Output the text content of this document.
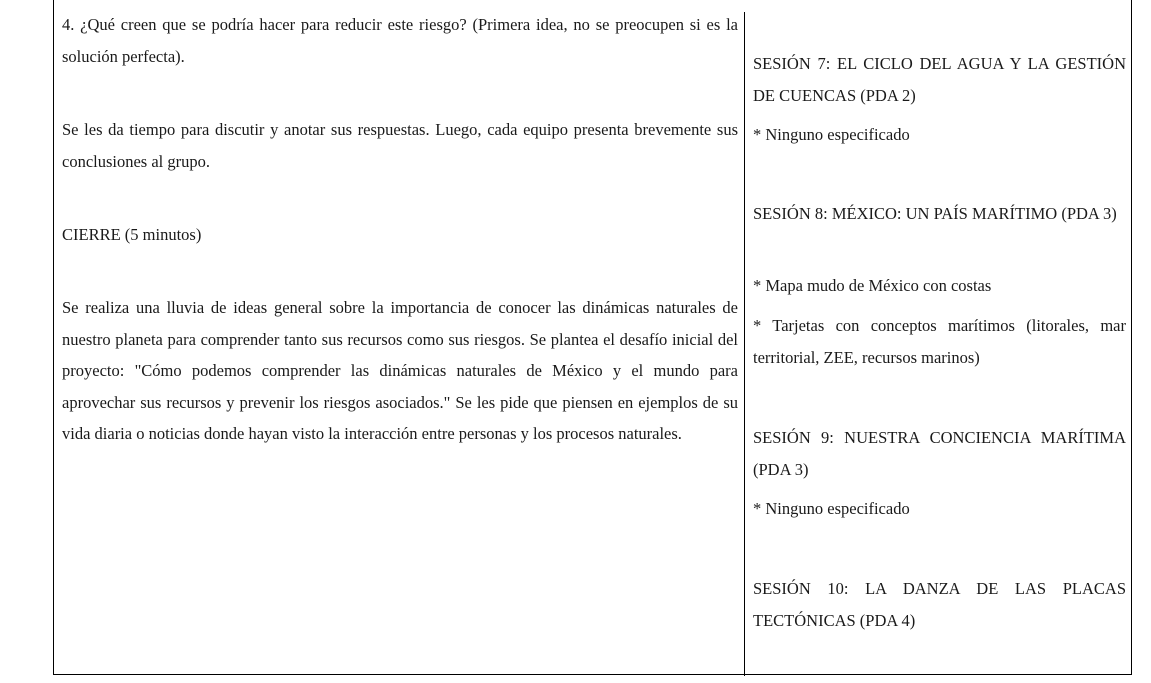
4. ¿Qué creen que se podría hacer para reducir este riesgo? (Primera idea, no se preocupen si es la solución perfecta).

Se les da tiempo para discutir y anotar sus respuestas. Luego, cada equipo presenta brevemente sus conclusiones al grupo.

CIERRE (5 minutos)

Se realiza una lluvia de ideas general sobre la importancia de conocer las dinámicas naturales de nuestro planeta para comprender tanto sus recursos como sus riesgos. Se plantea el desafío inicial del proyecto: "Cómo podemos comprender las dinámicas naturales de México y el mundo para aprovechar sus recursos y prevenir los riesgos asociados." Se les pide que piensen en ejemplos de su vida diaria o noticias donde hayan visto la interacción entre personas y los procesos naturales.

SESIÓN 7: EL CICLO DEL AGUA Y LA GESTIÓN DE CUENCAS (PDA 2)

* Ninguno especificado

SESIÓN 8: MÉXICO: UN PAÍS MARÍTIMO (PDA 3)

* Mapa mudo de México con costas

* Tarjetas con conceptos marítimos (litorales, mar territorial, ZEE, recursos marinos)

SESIÓN 9: NUESTRA CONCIENCIA MARÍTIMA (PDA 3)

* Ninguno especificado

SESIÓN 10: LA DANZA DE LAS PLACAS TECTÓNICAS (PDA 4)
